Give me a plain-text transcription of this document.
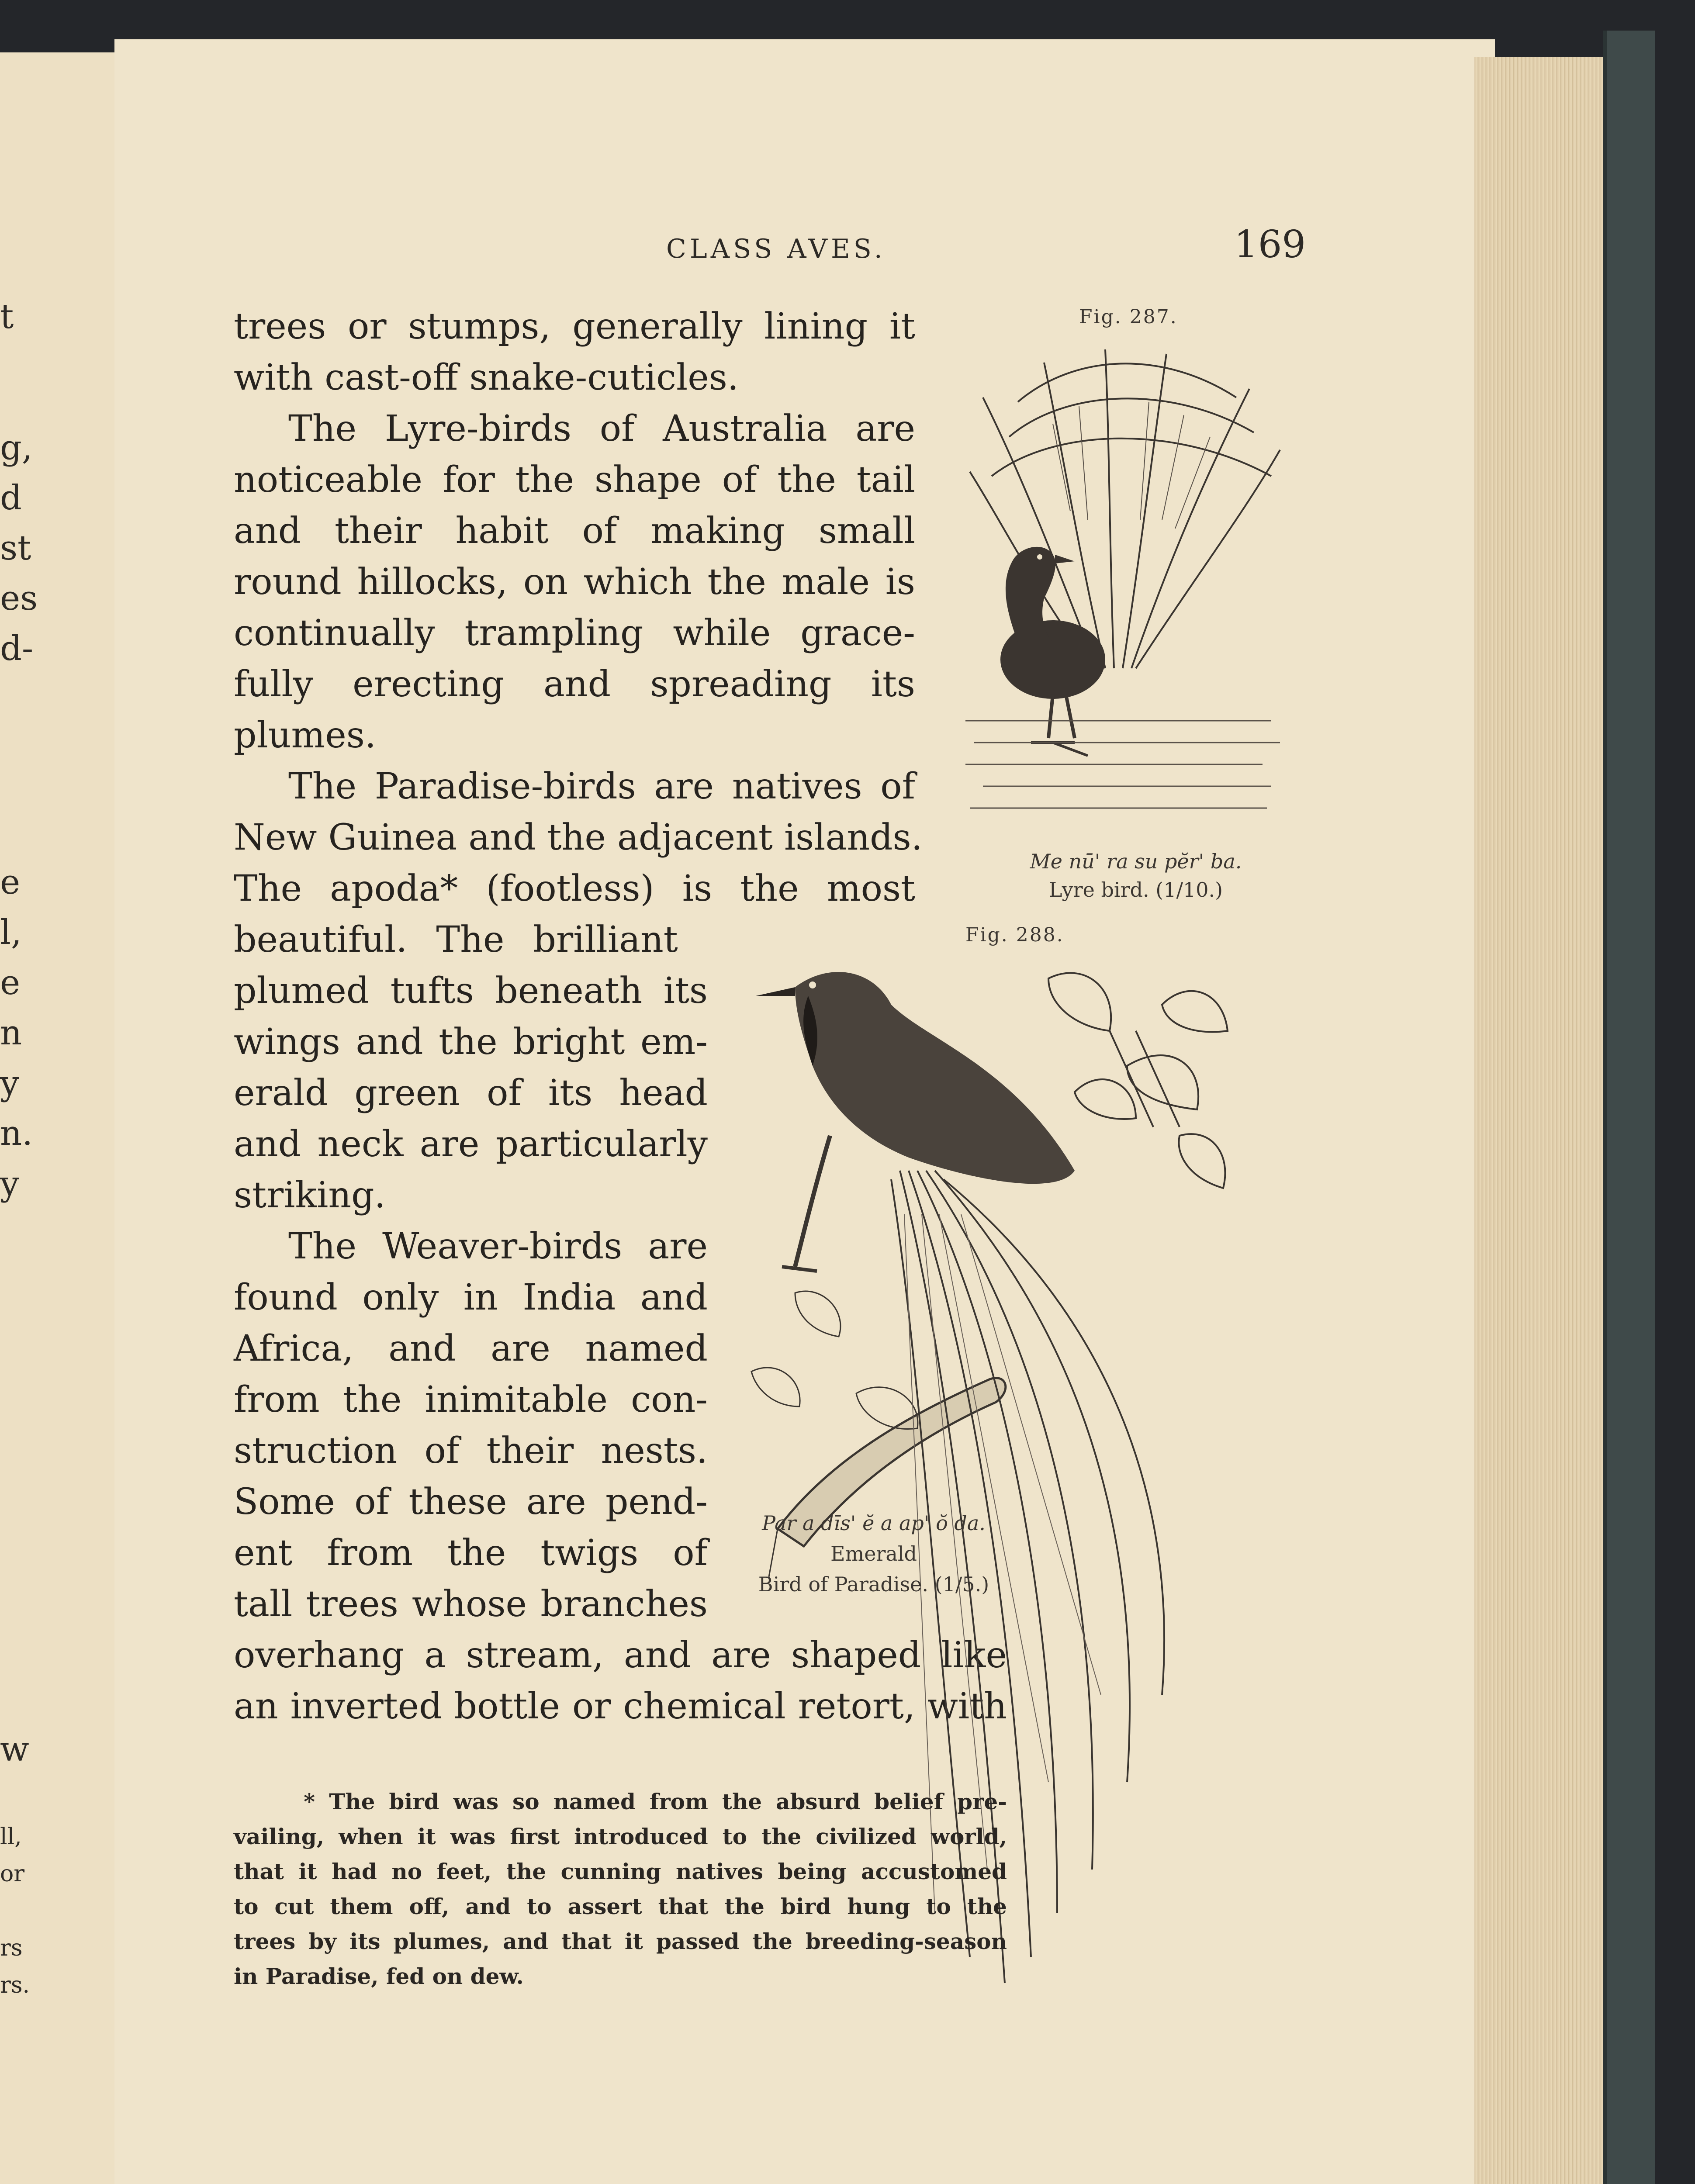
t
g,
d
st
es
d-
e
l,
e
n
y
n.
y
w
ll,
or
rs
rs.
CLASS AVES.	169
trees or stumps, generally lining it
with cast-off snake-cuticles.
The Lyre-birds of Australia are
noticeable for the shape of the tail
and their habit of making small
round hillocks, on which the male is
continually trampling while grace-
fully erecting and spreading its
plumes.
The Paradise-birds are natives of
New Guinea and the adjacent islands.
The apoda* (footless) is the most
beautiful. The brilliant
plumed tufts beneath its
wings and the bright em-
erald green of its head
and neck are particularly
striking.
The Weaver-birds are
found only in India and
Africa, and are named
from the inimitable con-
struction of their nests.
Some of these are pend-
ent from the twigs of
tall trees whose branches
overhang a stream, and are shaped like
an inverted bottle or chemical retort, with
Fig. 287.
Me nū' ra su pĕr' ba.
Lyre bird. (1/10.)
Fig. 288.
Par a dīs' ĕ a ap' ŏ da.
Emerald
Bird of Paradise. (1/5.)
* The bird was so named from the absurd belief pre-
vailing, when it was first introduced to the civilized world,
that it had no feet, the cunning natives being accustomed
to cut them off, and to assert that the bird hung to the
trees by its plumes, and that it passed the breeding-season
in Paradise, fed on dew.
